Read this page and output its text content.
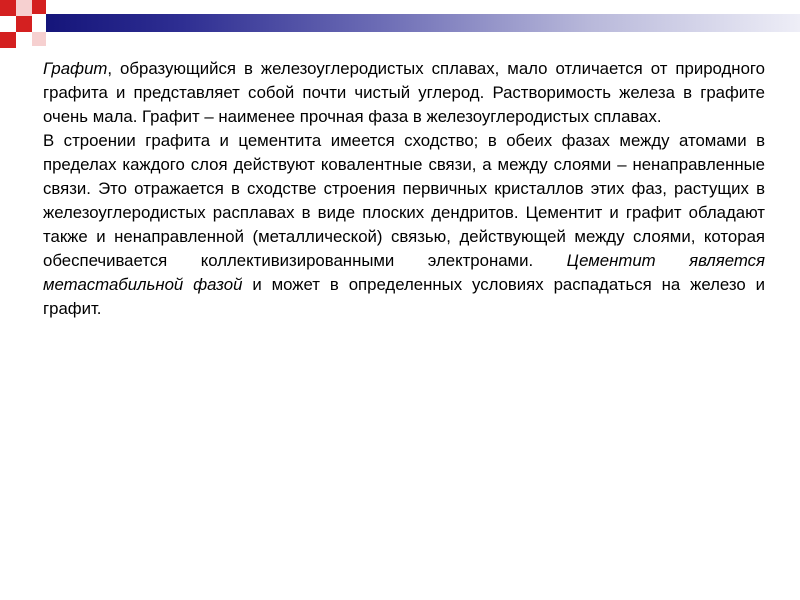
Графит, образующийся в железоуглеродистых сплавах, мало отличается от природного графита и представляет собой почти чистый углерод. Растворимость железа в графите очень мала. Графит – наименее прочная фаза в железоуглеродистых сплавах.

В строении графита и цементита имеется сходство; в обеих фазах между атомами в пределах каждого слоя действуют ковалентные связи, а между слоями – ненаправленные связи. Это отражается в сходстве строения первичных кристаллов этих фаз, растущих в железоуглеродистых расплавах в виде плоских дендритов. Цементит и графит обладают также и ненаправленной (металлической) связью, действующей между слоями, которая обеспечивается коллективизированными электронами. Цементит является метастабильной фазой и может в определенных условиях распадаться на железо и графит.
